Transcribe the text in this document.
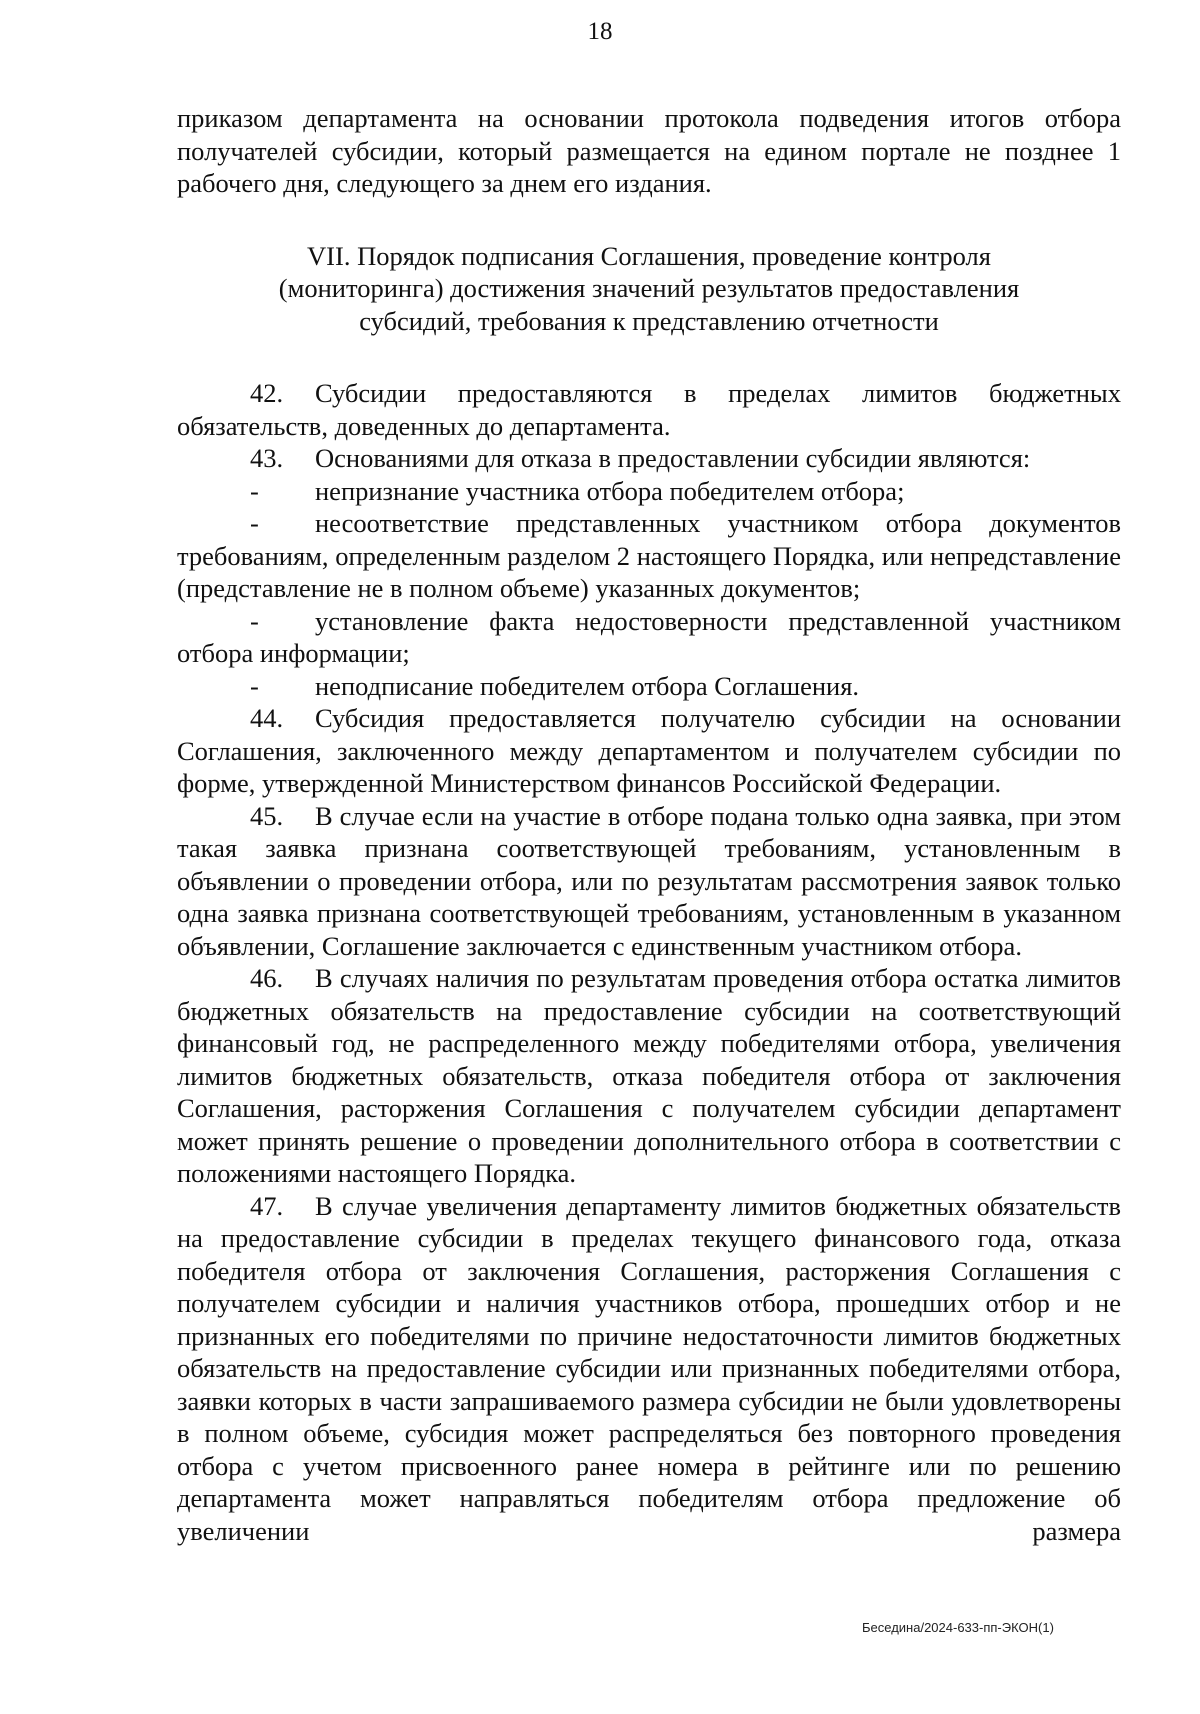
18

приказом департамента на основании протокола подведения итогов отбора получателей субсидии, который размещается на едином портале не позднее 1 рабочего дня, следующего за днем его издания.

VII. Порядок подписания Соглашения, проведение контроля
(мониторинга) достижения значений результатов предоставления
субсидий, требования к представлению отчетности

42. Субсидии предоставляются в пределах лимитов бюджетных обязательств, доведенных до департамента.

43. Основаниями для отказа в предоставлении субсидии являются:

- непризнание участника отбора победителем отбора;

- несоответствие представленных участником отбора документов требованиям, определенным разделом 2 настоящего Порядка, или непредставление (представление не в полном объеме) указанных документов;

- установление факта недостоверности представленной участником отбора информации;

- неподписание победителем отбора Соглашения.

44. Субсидия предоставляется получателю субсидии на основании Соглашения, заключенного между департаментом и получателем субсидии по форме, утвержденной Министерством финансов Российской Федерации.

45. В случае если на участие в отборе подана только одна заявка, при этом такая заявка признана соответствующей требованиям, установленным в объявлении о проведении отбора, или по результатам рассмотрения заявок только одна заявка признана соответствующей требованиям, установленным в указанном объявлении, Соглашение заключается с единственным участником отбора.

46. В случаях наличия по результатам проведения отбора остатка лимитов бюджетных обязательств на предоставление субсидии на соответствующий финансовый год, не распределенного между победителями отбора, увеличения лимитов бюджетных обязательств, отказа победителя отбора от заключения Соглашения, расторжения Соглашения с получателем субсидии департамент может принять решение о проведении дополнительного отбора в соответствии с положениями настоящего Порядка.

47. В случае увеличения департаменту лимитов бюджетных обязательств на предоставление субсидии в пределах текущего финансового года, отказа победителя отбора от заключения Соглашения, расторжения Соглашения с получателем субсидии и наличия участников отбора, прошедших отбор и не признанных его победителями по причине недостаточности лимитов бюджетных обязательств на предоставление субсидии или признанных победителями отбора, заявки которых в части запрашиваемого размера субсидии не были удовлетворены в полном объеме, субсидия может распределяться без повторного проведения отбора с учетом присвоенного ранее номера в рейтинге или по решению департамента может направляться победителям отбора предложение об увеличении размера

Беседина/2024-633-пп-ЭКОН(1)
